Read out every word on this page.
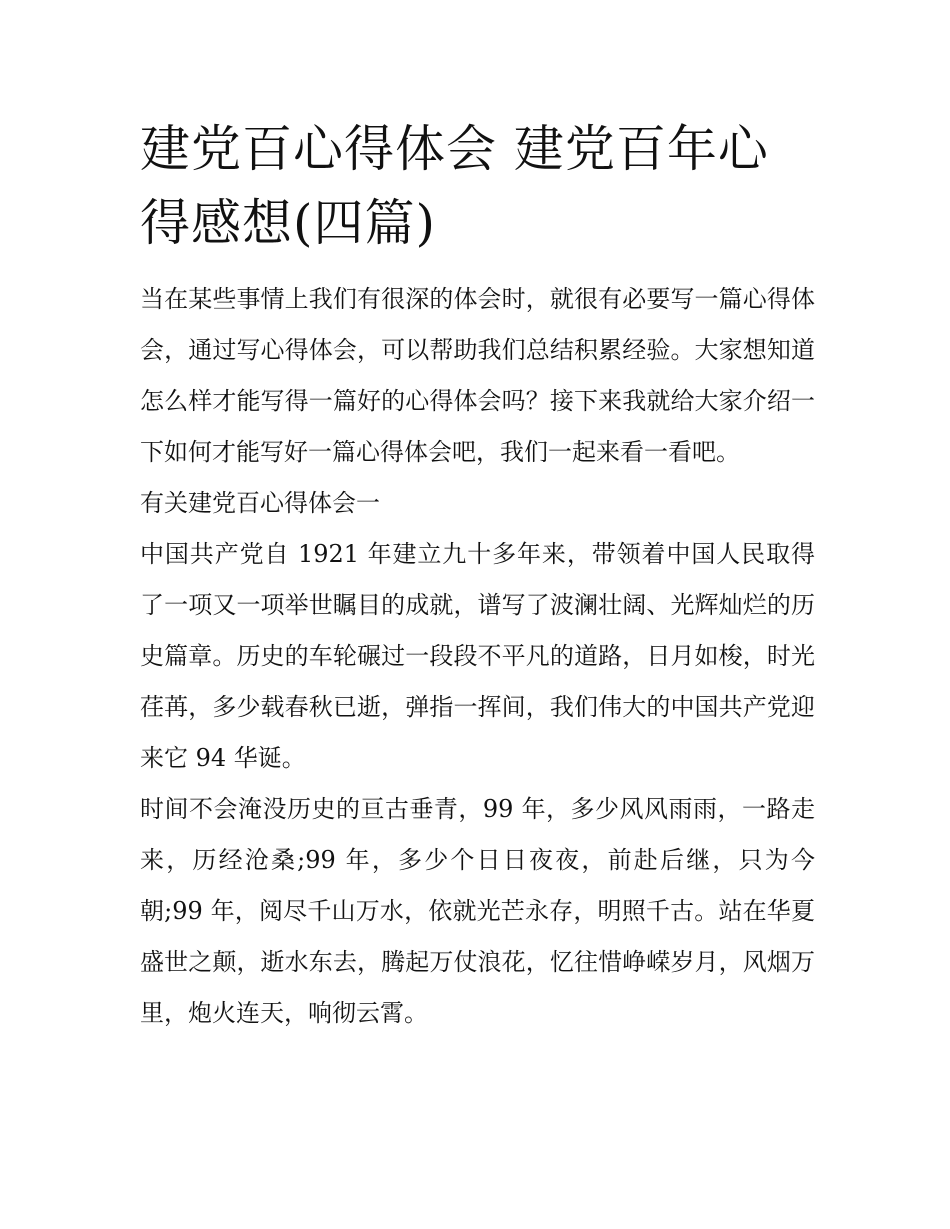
建党百心得体会 建党百年心得感想(四篇)

当在某些事情上我们有很深的体会时，就很有必要写一篇心得体会，通过写心得体会，可以帮助我们总结积累经验。大家想知道怎么样才能写得一篇好的心得体会吗？接下来我就给大家介绍一下如何才能写好一篇心得体会吧，我们一起来看一看吧。

有关建党百心得体会一

中国共产党自 1921 年建立九十多年来，带领着中国人民取得了一项又一项举世瞩目的成就，谱写了波澜壮阔、光辉灿烂的历史篇章。历史的车轮碾过一段段不平凡的道路，日月如梭，时光荏苒，多少载春秋已逝，弹指一挥间，我们伟大的中国共产党迎来它 94 华诞。

时间不会淹没历史的亘古垂青，99 年，多少风风雨雨，一路走来，历经沧桑;99 年，多少个日日夜夜，前赴后继，只为今朝;99 年，阅尽千山万水，依就光芒永存，明照千古。站在华夏盛世之颠，逝水东去，腾起万仗浪花，忆往惜峥嵘岁月，风烟万里，炮火连天，响彻云霄。
